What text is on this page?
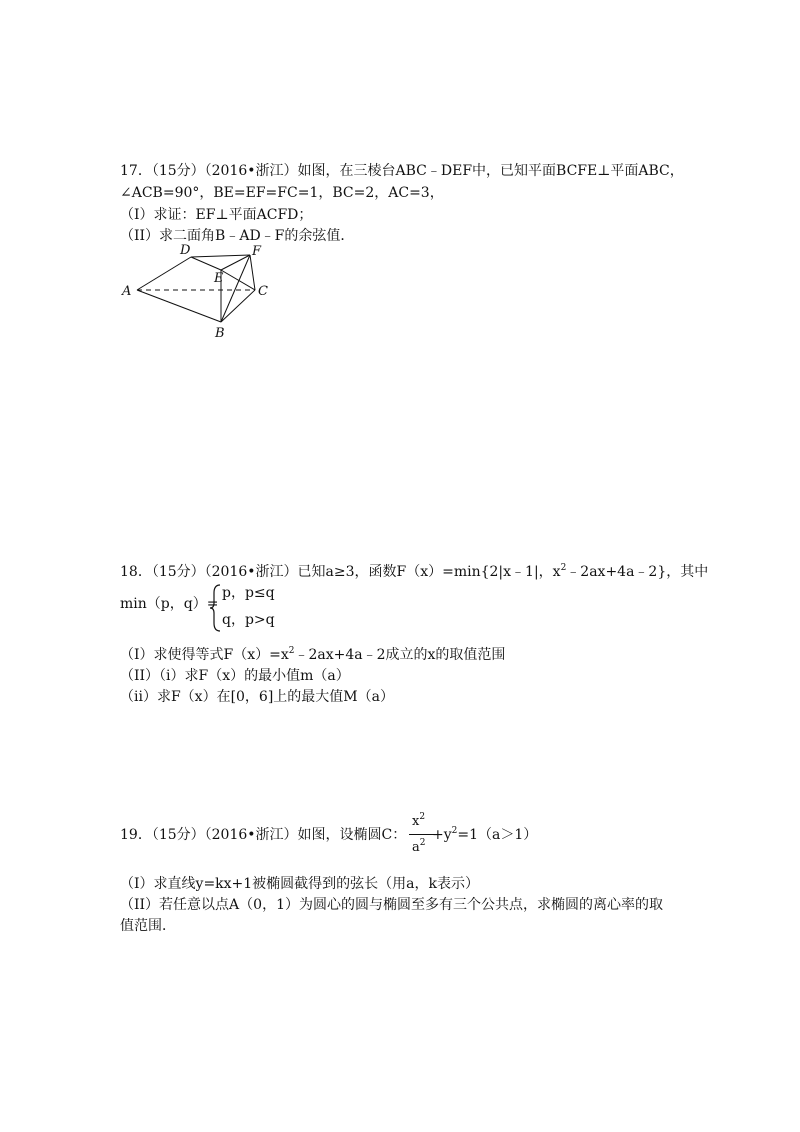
17．（15分）（2016•浙江）如图，在三棱台ABC﹣DEF中，已知平面BCFE⊥平面ABC，
∠ACB=90°，BE=EF=FC=1，BC=2，AC=3，
（I）求证：EF⊥平面ACFD；
（II）求二面角B﹣AD﹣F的余弦值．
A
B
C
D
E
F
18．（15分）（2016•浙江）已知a≥3，函数F（x）=min{2|x﹣1|，$x^2﹣2ax+4a﹣2$}，其中
min（p，q）=
p，p≤q
q，p>q
（I）求使得等式$F(x)=x^2﹣2ax+4a﹣2$成立的x的取值范围
（II）（i）求F（x）的最小值m（a）
（ii）求F（x）在[0，6]上的最大值M（a）
19．（15分）（2016•浙江）如图，设椭圆C：
$x^2$
$a^2 +y^2=1(a>1)$
（I）求直线y=kx+1被椭圆截得到的弦长（用a，k表示）
（II）若任意以点A（0，1）为圆心的圆与椭圆至多有三个公共点，求椭圆的离心率的取
值范围．
